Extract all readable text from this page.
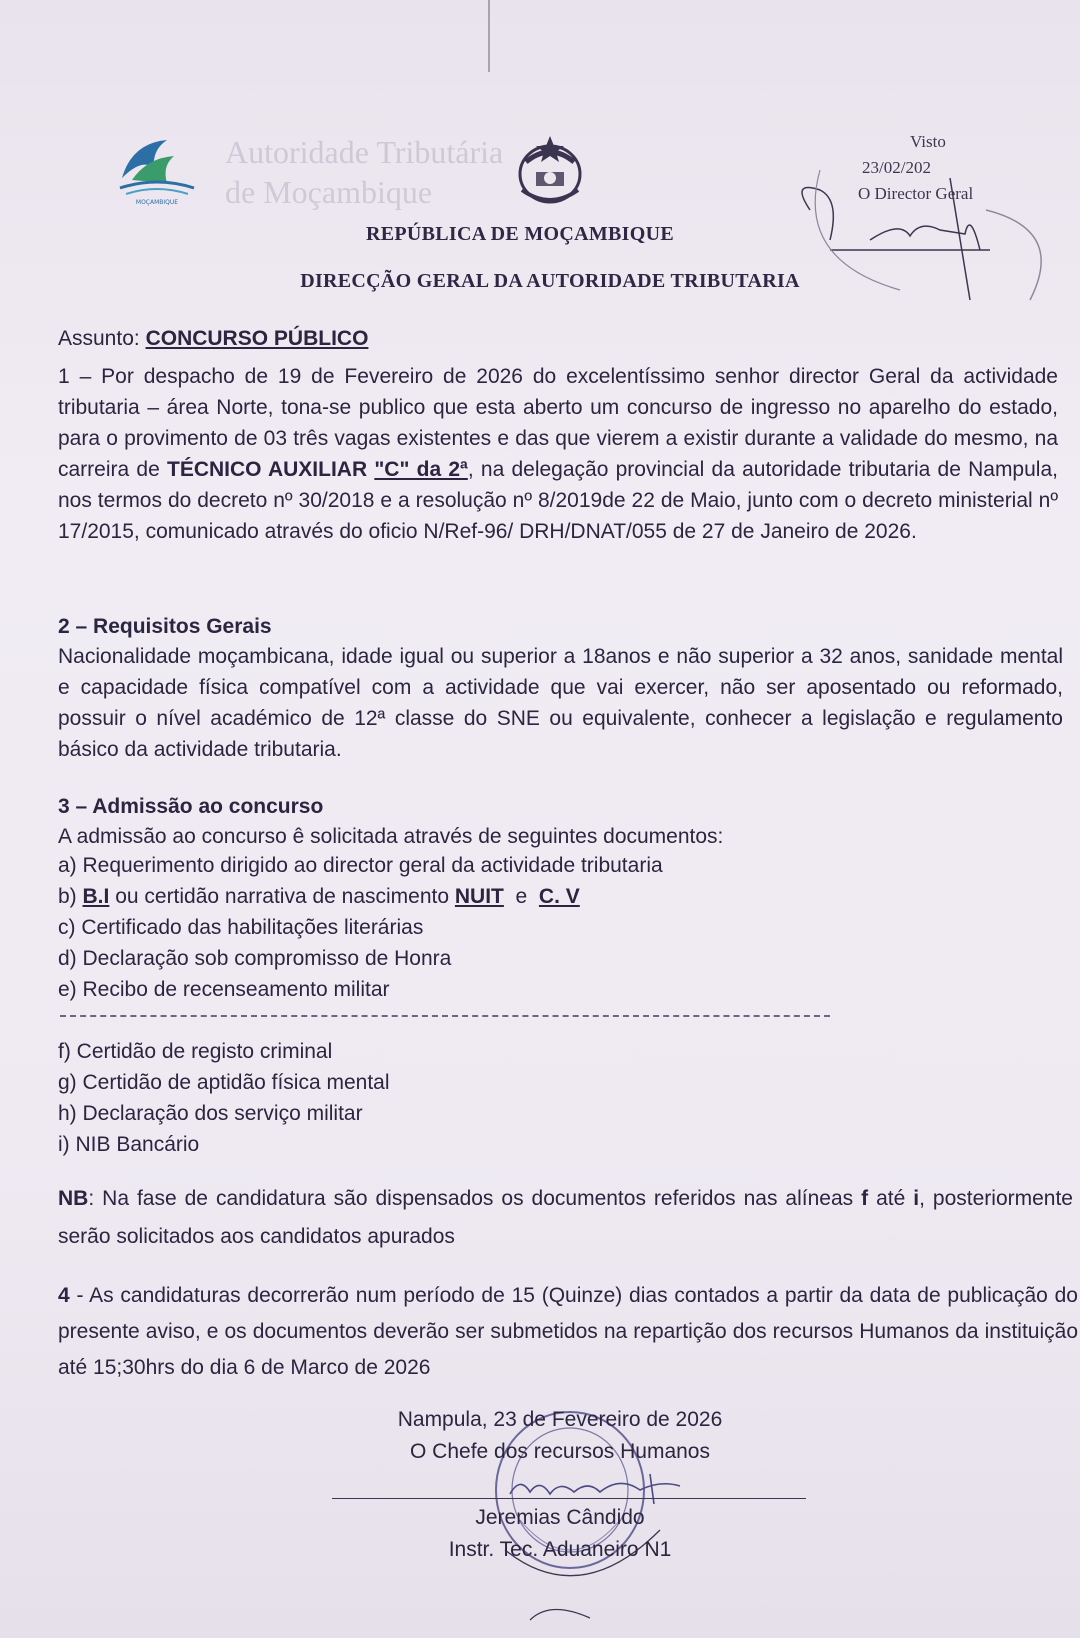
MOÇAMBIQUE
Autoridade Tributária
de Moçambique
Visto
23/02/202
O Director Geral
REPÚBLICA DE MOÇAMBIQUE
DIRECÇÃO GERAL DA AUTORIDADE TRIBUTARIA
Assunto: CONCURSO PÚBLICO
1 – Por despacho de 19 de Fevereiro de 2026 do excelentíssimo senhor director Geral da actividade tributaria – área Norte, tona-se publico que esta aberto um concurso de ingresso no aparelho do estado, para o provimento de 03 três vagas existentes e das que vierem a existir durante a validade do mesmo, na carreira de TÉCNICO AUXILIAR "C" da 2ª, na delegação provincial da autoridade tributaria de Nampula, nos termos do decreto nº 30/2018 e a resolução nº 8/2019de 22 de Maio, junto com o decreto ministerial nº 17/2015, comunicado através do oficio N/Ref-96/ DRH/DNAT/055 de 27 de Janeiro de 2026.
2 – Requisitos Gerais
Nacionalidade moçambicana, idade igual ou superior a 18anos e não superior a 32 anos, sanidade mental e capacidade física compatível com a actividade que vai exercer, não ser aposentado ou reformado, possuir o nível académico de 12ª classe do SNE ou equivalente, conhecer a legislação e regulamento básico da actividade tributaria.
3 – Admissão ao concurso
A admissão ao concurso ê solicitada através de seguintes documentos:
a) Requerimento dirigido ao director geral da actividade tributaria
b) B.I ou certidão narrativa de nascimento NUIT  e  C. V
c) Certificado das habilitações literárias
d) Declaração sob compromisso de Honra
e) Recibo de recenseamento militar
f) Certidão de registo criminal
g) Certidão de aptidão física mental
h) Declaração dos serviço militar
i) NIB Bancário
NB: Na fase de candidatura são dispensados os documentos referidos nas alíneas f até i, posteriormente serão solicitados aos candidatos apurados
4 - As candidaturas decorrerão num período de 15 (Quinze) dias contados a partir da data de publicação do presente aviso, e os documentos deverão ser submetidos na repartição dos recursos Humanos da instituição até 15;30hrs do dia 6 de Marco de 2026
Nampula, 23 de Fevereiro de 2026
O Chefe dos recursos Humanos
Jeremias Cândido
Instr. Tec. Aduaneiro N1
